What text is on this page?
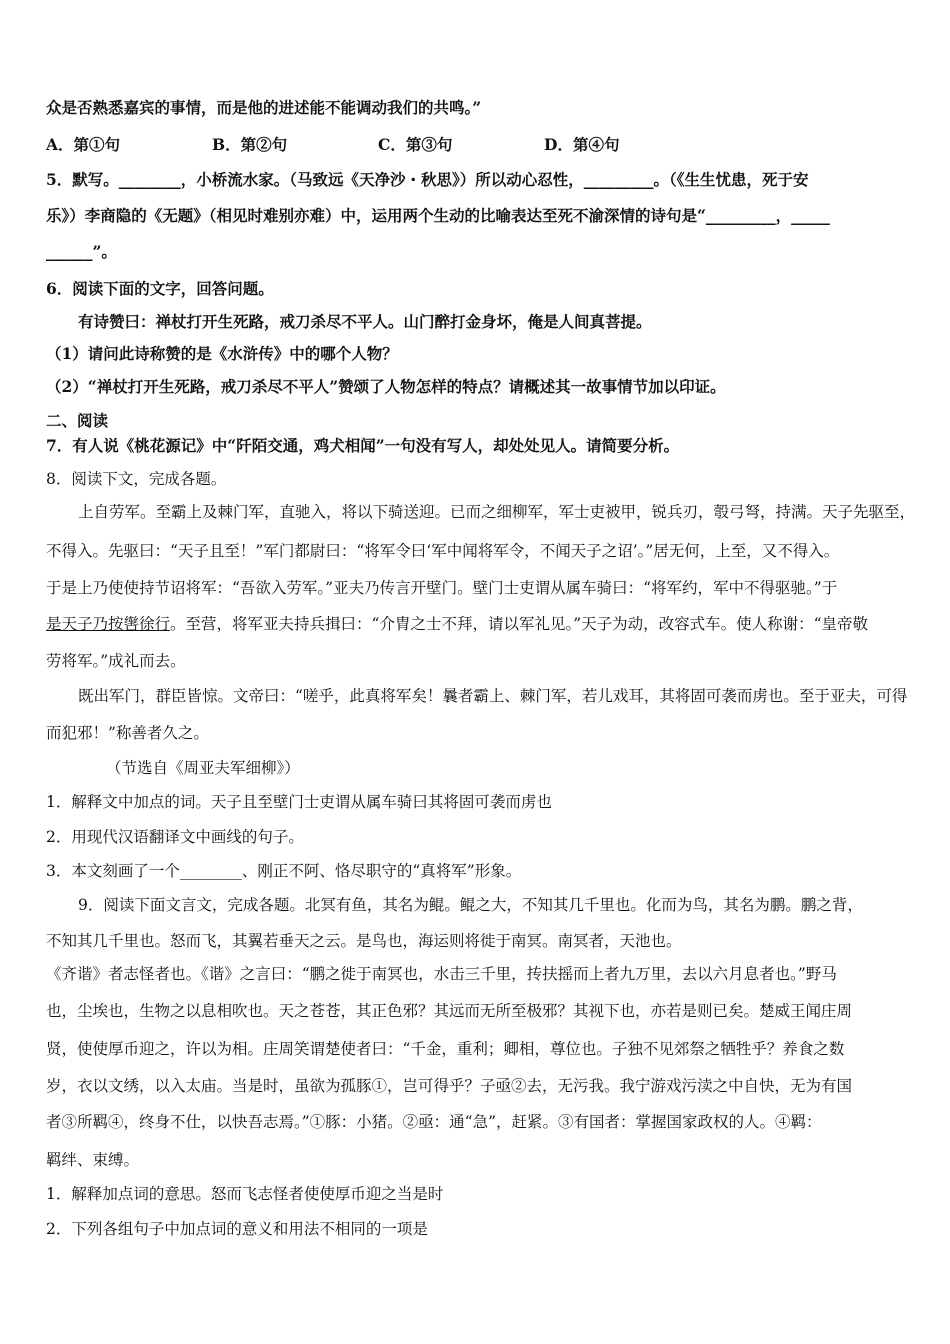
众是否熟悉嘉宾的事情，而是他的进述能不能调动我们的共鸣。”

A．第①句	B．第②句	C．第③句	D．第④句

5．默写。________，小桥流水家。（马致远《天净沙・秋思》）所以动心忍性，_________。（《生生忧患，死于安

乐》）李商隐的《无题》（相见时难别亦难）中，运用两个生动的比喻表达至死不渝深情的诗句是“_________，_____

______”。

6．阅读下面的文字，回答问题。

有诗赞曰：禅杖打开生死路，戒刀杀尽不平人。山门醉打金身坏，俺是人间真菩提。

（1）请问此诗称赞的是《水浒传》中的哪个人物？

（2）“禅杖打开生死路，戒刀杀尽不平人”赞颂了人物怎样的特点？请概述其一故事情节加以印证。

二、阅读

7．有人说《桃花源记》中“阡陌交通，鸡犬相闻”一句没有写人，却处处见人。请简要分析。

8．阅读下文，完成各题。

上自劳军。至霸上及棘门军，直驰入，将以下骑送迎。已而之细柳军，军士吏被甲，锐兵刃，彀弓弩，持满。天子先驱至，

不得入。先驱曰：“天子且至！”军门都尉曰：“将军令曰‘军中闻将军令，不闻天子之诏’。”居无何，上至，又不得入。

于是上乃使使持节诏将军：“吾欲入劳军。”亚夫乃传言开壁门。壁门士吏谓从属车骑曰：“将军约，军中不得驱驰。”于

是天子乃按辔徐行。至营，将军亚夫持兵揖曰：“介胄之士不拜，请以军礼见。”天子为动，改容式车。使人称谢：“皇帝敬

劳将军。”成礼而去。

既出军门，群臣皆惊。文帝曰：“嗟乎，此真将军矣！曩者霸上、棘门军，若儿戏耳，其将固可袭而虏也。至于亚夫，可得

而犯邪！”称善者久之。

（节选自《周亚夫军细柳》）

1．解释文中加点的词。天子且至壁门士吏谓从属车骑曰其将固可袭而虏也

2．用现代汉语翻译文中画线的句子。

3．本文刻画了一个________、刚正不阿、恪尽职守的“真将军”形象。

9．阅读下面文言文，完成各题。北冥有鱼，其名为鲲。鲲之大，不知其几千里也。化而为鸟，其名为鹏。鹏之背，

不知其几千里也。怒而飞，其翼若垂天之云。是鸟也，海运则将徙于南冥。南冥者，天池也。

《齐谐》者志怪者也。《谐》之言曰：“鹏之徙于南冥也，水击三千里，抟扶摇而上者九万里，去以六月息者也。”野马

也，尘埃也，生物之以息相吹也。天之苍苍，其正色邪？其远而无所至极邪？其视下也，亦若是则已矣。楚威王闻庄周

贤，使使厚币迎之，许以为相。庄周笑谓楚使者曰：“千金，重利；卿相，尊位也。子独不见郊祭之牺牲乎？养食之数

岁，衣以文绣，以入太庙。当是时，虽欲为孤豚①，岂可得乎？子亟②去，无污我。我宁游戏污渎之中自快，无为有国

者③所羁④，终身不仕，以快吾志焉。”①豚：小猪。②亟：通“急”，赶紧。③有国者：掌握国家政权的人。④羁：

羁绊、束缚。

1．解释加点词的意思。怒而飞志怪者使使厚币迎之当是时

2．下列各组句子中加点词的意义和用法不相同的一项是
